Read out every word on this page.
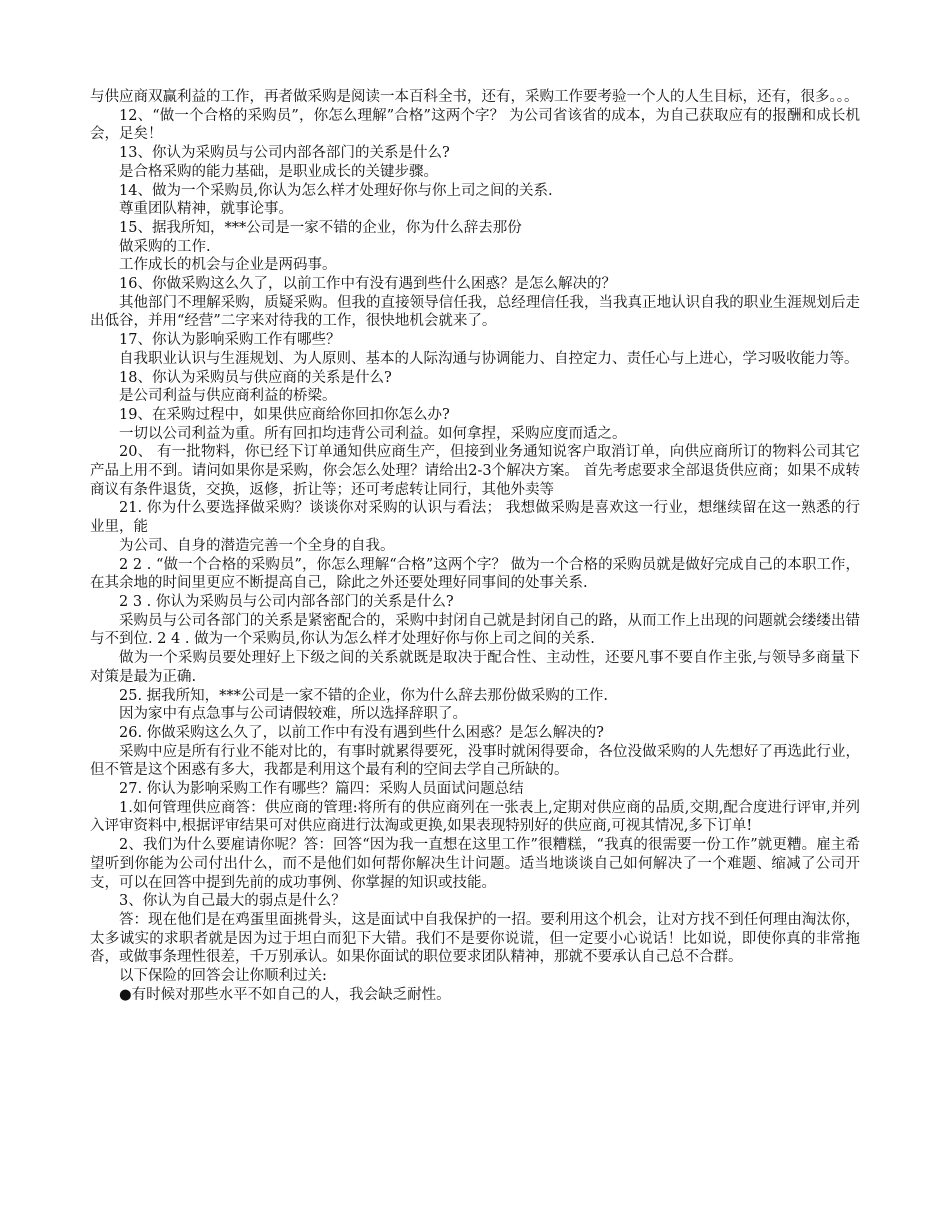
与供应商双赢利益的工作，再者做采购是阅读一本百科全书，还有，采购工作要考验一个人的人生目标，还有，很多。。。

12、“做一个合格的采购员”，你怎么理解”合格”这两个字？ 为公司省该省的成本，为自己获取应有的报酬和成长机会，足矣！

13、你认为采购员与公司内部各部门的关系是什么?

是合格采购的能力基础，是职业成长的关键步骤。

14、做为一个采购员,你认为怎么样才处理好你与你上司之间的关系.

尊重团队精神，就事论事。

15、据我所知，***公司是一家不错的企业，你为什么辞去那份

做采购的工作.

工作成长的机会与企业是两码事。

16、你做采购这么久了，以前工作中有没有遇到些什么困惑？是怎么解决的？

其他部门不理解采购，质疑采购。但我的直接领导信任我，总经理信任我，当我真正地认识自我的职业生涯规划后走出低谷，并用“经营”二字来对待我的工作，很快地机会就来了。

17、你认为影响采购工作有哪些？

自我职业认识与生涯规划、为人原则、基本的人际沟通与协调能力、自控定力、责任心与上进心，学习吸收能力等。

18、你认为采购员与供应商的关系是什么?

是公司利益与供应商利益的桥梁。

19、在采购过程中，如果供应商给你回扣你怎么办?

一切以公司利益为重。所有回扣均违背公司利益。如何拿捏，采购应度而适之。

20、 有一批物料，你已经下订单通知供应商生产，但接到业务通知说客户取消订单，向供应商所订的物料公司其它产品上用不到。请问如果你是采购，你会怎么处理？请给出2-3个解决方案。 首先考虑要求全部退货供应商；如果不成转商议有条件退货，交换，返修，折让等；还可考虑转让同行，其他外卖等

21. 你为什么要选择做采购？谈谈你对采购的认识与看法； 我想做采购是喜欢这一行业，想继续留在这一熟悉的行业里，能

为公司、自身的潜造完善一个全身的自我。

2 2 . “做一个合格的采购员”，你怎么理解“合格”这两个字？ 做为一个合格的采购员就是做好完成自己的本职工作，在其余地的时间里更应不断提高自己，除此之外还要处理好同事间的处事关系.

2 3 . 你认为采购员与公司内部各部门的关系是什么?

采购员与公司各部门的关系是紧密配合的，采购中封闭自己就是封闭自己的路，从而工作上出现的问题就会缕缕出错与不到位. 2 4 . 做为一个采购员,你认为怎么样才处理好你与你上司之间的关系.

做为一个采购员要处理好上下级之间的关系就既是取决于配合性、主动性，还要凡事不要自作主张,与领导多商量下对策是最为正确.

25. 据我所知，***公司是一家不错的企业，你为什么辞去那份做采购的工作.

因为家中有点急事与公司请假较难，所以选择辞职了。

26. 你做采购这么久了，以前工作中有没有遇到些什么困惑？是怎么解决的?

采购中应是所有行业不能对比的，有事时就累得要死，没事时就闲得要命，各位没做采购的人先想好了再选此行业，但不管是这个困惑有多大，我都是利用这个最有利的空间去学自己所缺的。

27. 你认为影响采购工作有哪些？篇四：采购人员面试问题总结

1.如何管理供应商答：供应商的管理:将所有的供应商列在一张表上,定期对供应商的品质,交期,配合度进行评审,并列入评审资料中,根据评审结果可对供应商进行汰淘或更换,如果表现特别好的供应商,可视其情况,多下订单!

2、我们为什么要雇请你呢？答：回答“因为我一直想在这里工作”很糟糕，“我真的很需要一份工作”就更糟。雇主希望听到你能为公司付出什么，而不是他们如何帮你解决生计问题。适当地谈谈自己如何解决了一个难题、缩减了公司开支，可以在回答中提到先前的成功事例、你掌握的知识或技能。

3、你认为自己最大的弱点是什么？

答：现在他们是在鸡蛋里面挑骨头，这是面试中自我保护的一招。要利用这个机会，让对方找不到任何理由淘汰你，太多诚实的求职者就是因为过于坦白而犯下大错。我们不是要你说谎，但一定要小心说话！比如说，即使你真的非常拖沓，或做事条理性很差，千万别承认。如果你面试的职位要求团队精神，那就不要承认自己总不合群。

以下保险的回答会让你顺利过关:

●有时候对那些水平不如自己的人，我会缺乏耐性。
